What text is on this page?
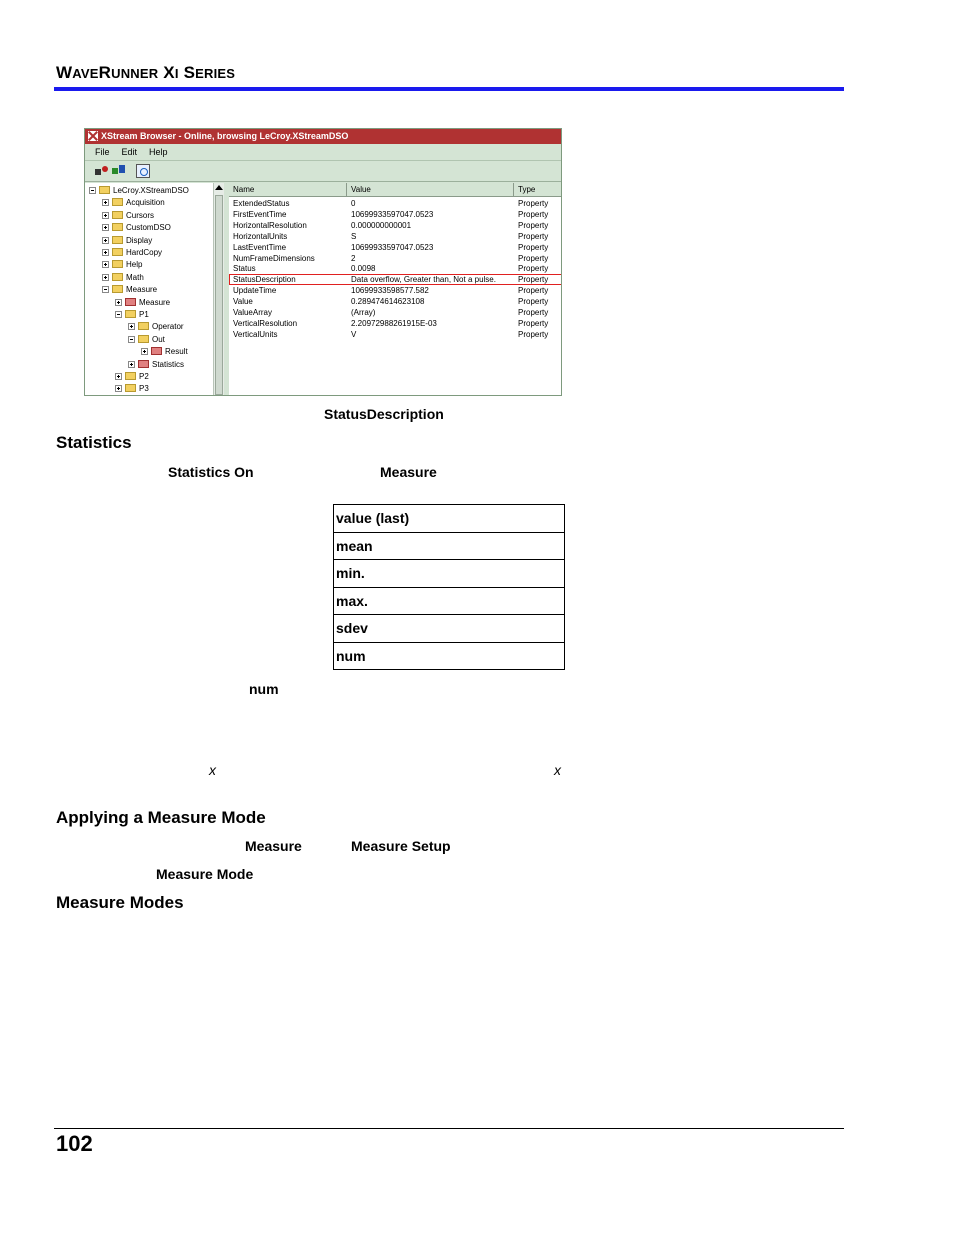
WAVERUNNER XI SERIES
XStream Browser - Online, browsing LeCroy.XStreamDSO
File Edit Help
LeCroy.XStreamDSO
Acquisition
Cursors
CustomDSO
Display
HardCopy
Help
Math
Measure
Measure
P1
Operator
Out
Result
Statistics
P2
P3
Name	Value	Type
ExtendedStatus	0	Property
FirstEventTime	10699933597047.0523	Property
HorizontalResolution	0.000000000001	Property
HorizontalUnits	S	Property
LastEventTime	10699933597047.0523	Property
NumFrameDimensions	2	Property
Status	0.0098	Property
StatusDescription	Data overflow, Greater than, Not a pulse.	Property
UpdateTime	10699933598577.582	Property
Value	0.289474614623108	Property
ValueArray	(Array)	Property
VerticalResolution	2.20972988261915E-03	Property
VerticalUnits	V	Property
StatusDescription
Statistics
Statistics On	Measure
value (last)
mean
min.
max.
sdev
num
num
x	x
Applying a Measure Mode
Measure	Measure Setup
Measure Mode
Measure Modes
102
